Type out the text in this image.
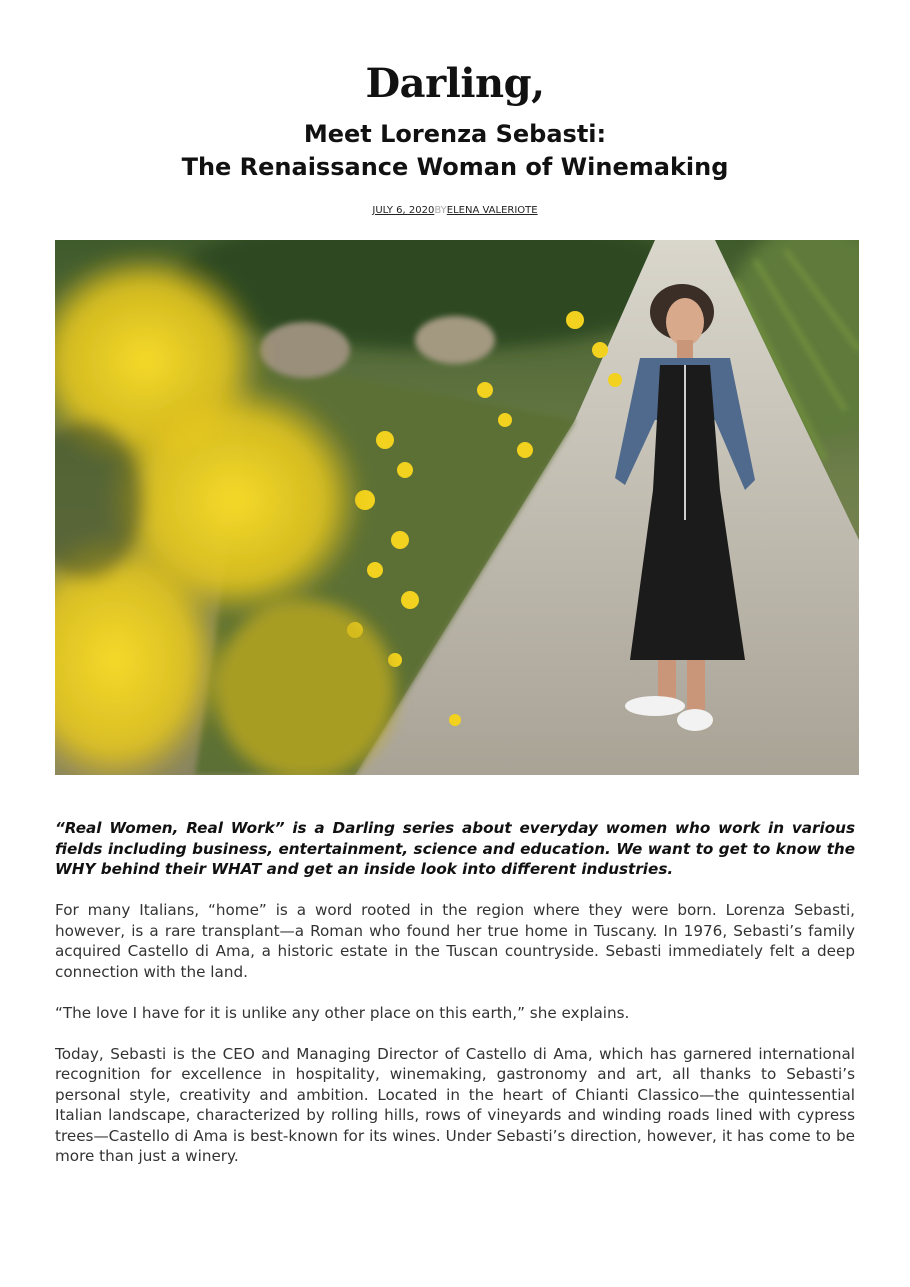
Darling,
Meet Lorenza Sebasti:
The Renaissance Woman of Winemaking
JULY 6, 2020BYELENA VALERIOTE

“Real Women, Real Work” is a Darling series about everyday women who work in various fields including business, entertainment, science and education. We want to get to know the WHY behind their WHAT and get an inside look into different industries.

For many Italians, “home” is a word rooted in the region where they were born. Lorenza Sebasti, however, is a rare transplant—a Roman who found her true home in Tuscany. In 1976, Sebasti’s family acquired Castello di Ama, a historic estate in the Tuscan countryside. Sebasti immediately felt a deep connection with the land.

“The love I have for it is unlike any other place on this earth,” she explains.

Today, Sebasti is the CEO and Managing Director of Castello di Ama, which has garnered international recognition for excellence in hospitality, winemaking, gastronomy and art, all thanks to Sebasti’s personal style, creativity and ambition. Located in the heart of Chianti Classico—the quintessential Italian landscape, characterized by rolling hills, rows of vineyards and winding roads lined with cypress trees—Castello di Ama is best-known for its wines. Under Sebasti’s direction, however, it has come to be more than just a winery.
